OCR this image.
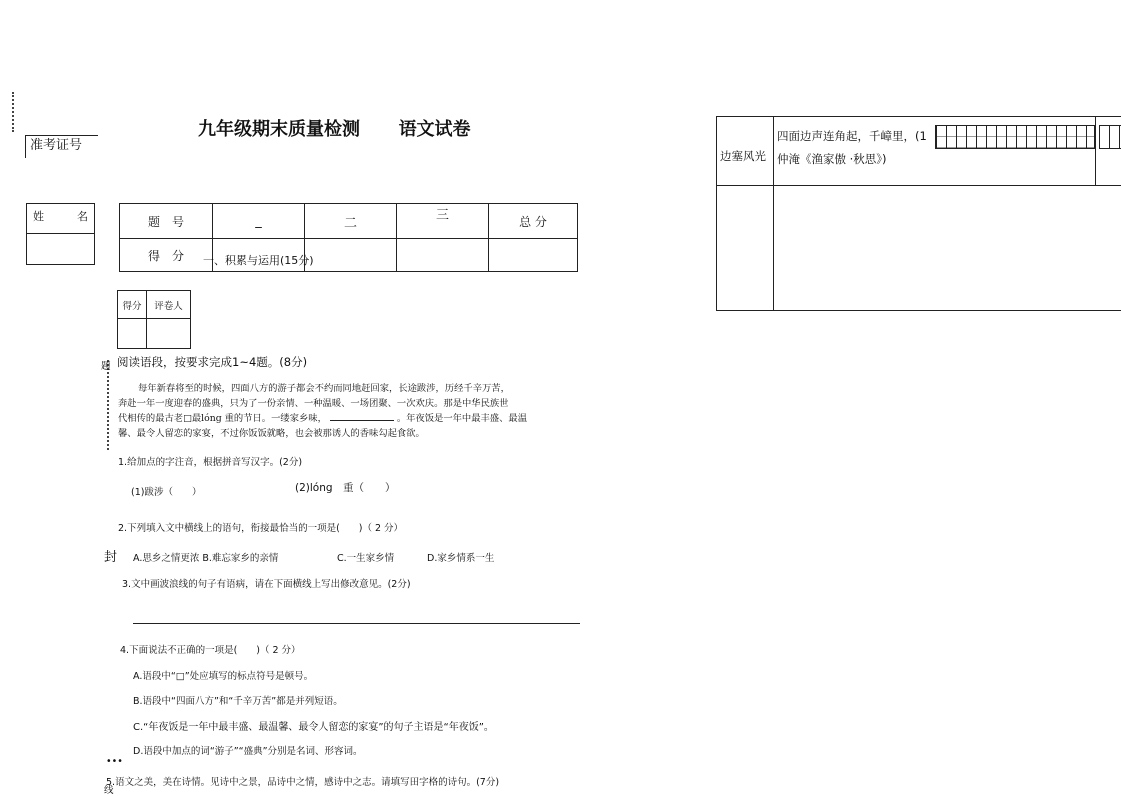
准考证号
姓	名
九年级期末质量检测 语文试卷
题　号	_	二	三	总 分
得　分				一、积累与运用(15分)
得分	评卷人

题
封
线
阅读语段，按要求完成1~4题。(8分)
每年新春将至的时候，四面八方的游子都会不约而同地赶回家，长途跋涉，历经千辛万苦，
奔赴一年一度迎春的盛典，只为了一份亲情、一种温暖、一场团聚、一次欢庆。那是中华民族世
代相传的最古老□最lóng 重的节日。一缕家乡味，	。年夜饭是一年中最丰盛、最温
馨、最令人留恋的家宴，不过你饭饭就略，也会被那诱人的香味勾起食欲。
1.给加点的字注音，根据拼音写汉字。(2分)
(1)跋涉（　　）	(2)lóng　重（　　）
2.下列填入文中横线上的语句，衔接最恰当的一项是(　　)（ 2 分）
A.思乡之情更浓 B.难忘家乡的亲情	C.一生家乡情	D.家乡情系一生
3.文中画波浪线的句子有语病，请在下面横线上写出修改意见。(2分)
4.下面说法不正确的一项是(　　)（ 2 分）
A.语段中“□”处应填写的标点符号是顿号。
B.语段中“四面八方”和“千辛万苦”都是并列短语。
C.“年夜饭是一年中最丰盛、最温馨、最令人留恋的家宴”的句子主语是“年夜饭”。
D.语段中加点的词“游子”“盛典”分别是名词、形容词。
•••
5.语文之美，美在诗情。见诗中之景，品诗中之情，感诗中之志。请填写田字格的诗句。(7分)
边塞风光
四面边声连角起，千嶂里，(1
仲淹《渔家傲 ·秋思》)
